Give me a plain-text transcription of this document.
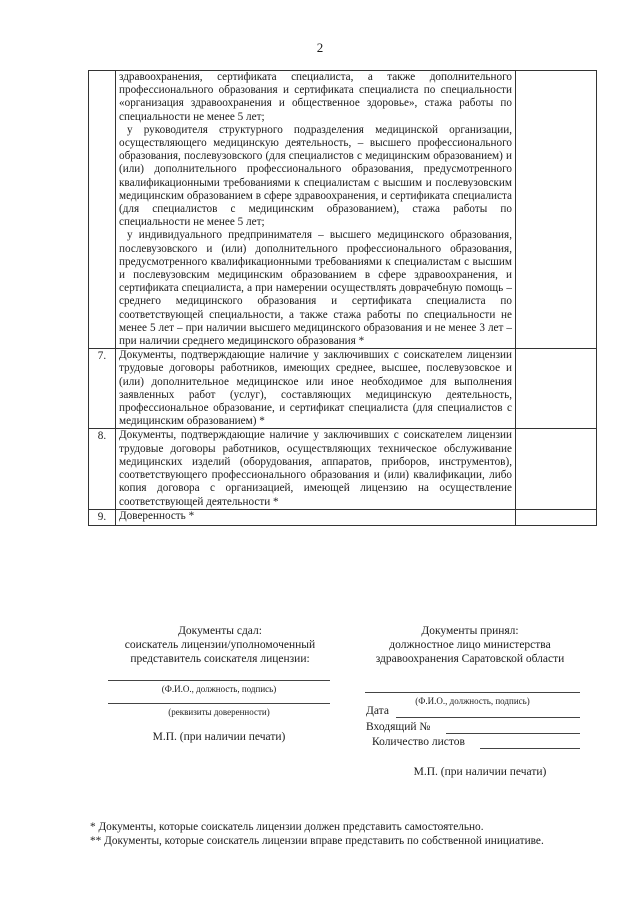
2

	здравоохранения, сертификата специалиста, а также дополнительного профессионального образования и сертификата специалиста по специальности «организация здравоохранения и общественное здоровье», стажа работы по специальности не менее 5 лет;
у руководителя структурного подразделения медицинской организации, осуществляющего медицинскую деятельность, – высшего профессионального образования, послевузовского (для специалистов с медицинским образованием) и (или) дополнительного профессионального образования, предусмотренного квалификационными требованиями к специалистам с высшим и послевузовским медицинским образованием в сфере здравоохранения, и сертификата специалиста (для специалистов с медицинским образованием), стажа работы по специальности не менее 5 лет;
у индивидуального предпринимателя – высшего медицинского образования, послевузовского и (или) дополнительного профессионального образования, предусмотренного квалификационными требованиями к специалистам с высшим и послевузовским медицинским образованием в сфере здравоохранения, и сертификата специалиста, а при намерении осуществлять доврачебную помощь – среднего медицинского образования и сертификата специалиста по соответствующей специальности, а также стажа работы по специальности не менее 5 лет – при наличии высшего медицинского образования и не менее 3 лет – при наличии среднего медицинского образования *	

7.	Документы, подтверждающие наличие у заключивших с соискателем лицензии трудовые договоры работников, имеющих среднее, высшее, послевузовское и (или) дополнительное медицинское или иное необходимое для выполнения заявленных работ (услуг), составляющих медицинскую деятельность, профессиональное образование, и сертификат специалиста (для специалистов с медицинским образованием) *	

8.	Документы, подтверждающие наличие у заключивших с соискателем лицензии трудовые договоры работников, осуществляющих техническое обслуживание медицинских изделий (оборудования, аппаратов, приборов, инструментов), соответствующего профессионального образования и (или) квалификации, либо копия договора с организацией, имеющей лицензию на осуществление соответствующей деятельности *	

9.	Доверенность *	

Документы сдал:
соискатель лицензии/уполномоченный
представитель соискателя лицензии:
(Ф.И.О., должность, подпись)
(реквизиты доверенности)
М.П. (при наличии печати)
Документы принял:
должностное лицо министерства
здравоохранения Саратовской области
(Ф.И.О., должность, подпись)
Дата
Входящий №
Количество листов
М.П. (при наличии печати)
* Документы, которые соискатель лицензии должен представить самостоятельно.
** Документы, которые соискатель лицензии вправе представить по собственной инициативе.
